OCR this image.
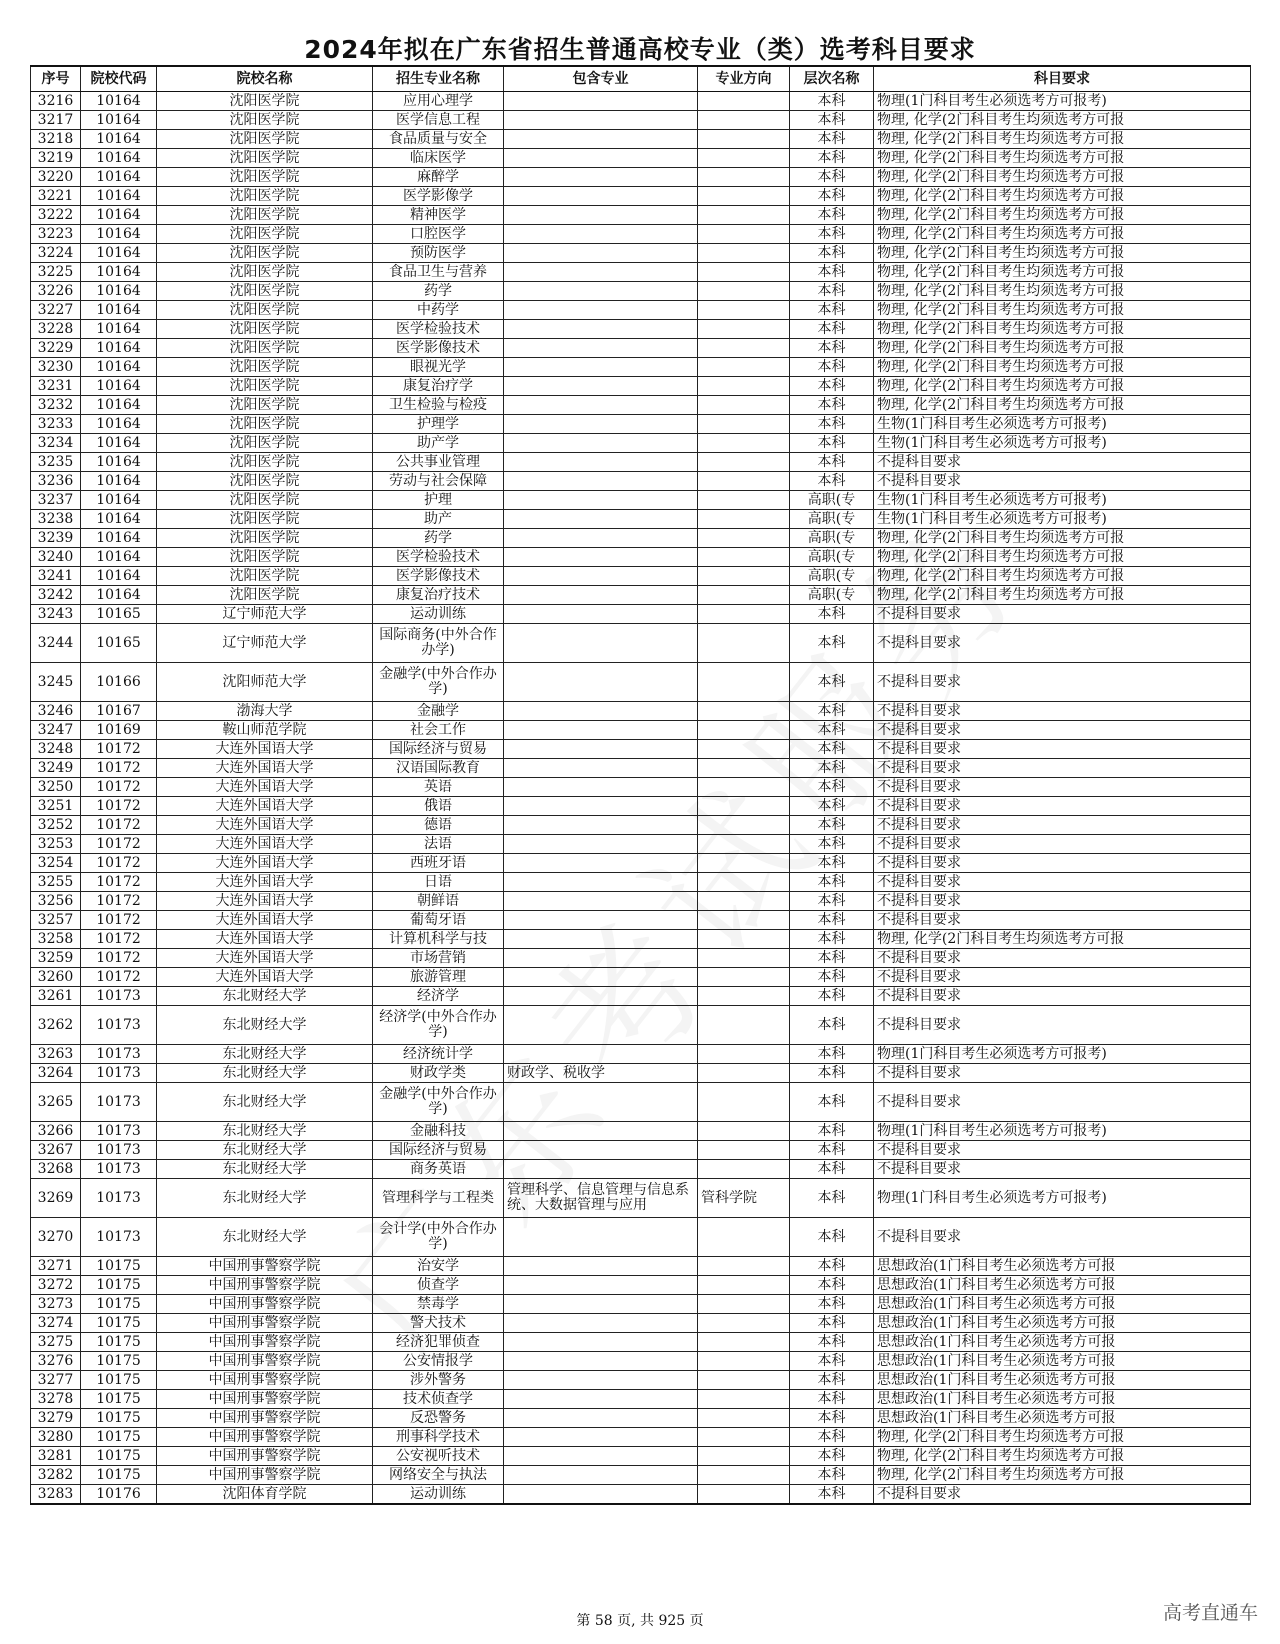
2024年拟在广东省招生普通高校专业（类）选考科目要求
序号	院校代码	院校名称	招生专业名称	包含专业	专业方向	层次名称	科目要求
3216	10164	沈阳医学院	应用心理学			本科	物理(1门科目考生必须选考方可报考)
3217	10164	沈阳医学院	医学信息工程			本科	物理, 化学(2门科目考生均须选考方可报
3218	10164	沈阳医学院	食品质量与安全			本科	物理, 化学(2门科目考生均须选考方可报
3219	10164	沈阳医学院	临床医学			本科	物理, 化学(2门科目考生均须选考方可报
3220	10164	沈阳医学院	麻醉学			本科	物理, 化学(2门科目考生均须选考方可报
3221	10164	沈阳医学院	医学影像学			本科	物理, 化学(2门科目考生均须选考方可报
3222	10164	沈阳医学院	精神医学			本科	物理, 化学(2门科目考生均须选考方可报
3223	10164	沈阳医学院	口腔医学			本科	物理, 化学(2门科目考生均须选考方可报
3224	10164	沈阳医学院	预防医学			本科	物理, 化学(2门科目考生均须选考方可报
3225	10164	沈阳医学院	食品卫生与营养			本科	物理, 化学(2门科目考生均须选考方可报
3226	10164	沈阳医学院	药学			本科	物理, 化学(2门科目考生均须选考方可报
3227	10164	沈阳医学院	中药学			本科	物理, 化学(2门科目考生均须选考方可报
3228	10164	沈阳医学院	医学检验技术			本科	物理, 化学(2门科目考生均须选考方可报
3229	10164	沈阳医学院	医学影像技术			本科	物理, 化学(2门科目考生均须选考方可报
3230	10164	沈阳医学院	眼视光学			本科	物理, 化学(2门科目考生均须选考方可报
3231	10164	沈阳医学院	康复治疗学			本科	物理, 化学(2门科目考生均须选考方可报
3232	10164	沈阳医学院	卫生检验与检疫			本科	物理, 化学(2门科目考生均须选考方可报
3233	10164	沈阳医学院	护理学			本科	生物(1门科目考生必须选考方可报考)
3234	10164	沈阳医学院	助产学			本科	生物(1门科目考生必须选考方可报考)
3235	10164	沈阳医学院	公共事业管理			本科	不提科目要求
3236	10164	沈阳医学院	劳动与社会保障			本科	不提科目要求
3237	10164	沈阳医学院	护理			高职(专	生物(1门科目考生必须选考方可报考)
3238	10164	沈阳医学院	助产			高职(专	生物(1门科目考生必须选考方可报考)
3239	10164	沈阳医学院	药学			高职(专	物理, 化学(2门科目考生均须选考方可报
3240	10164	沈阳医学院	医学检验技术			高职(专	物理, 化学(2门科目考生均须选考方可报
3241	10164	沈阳医学院	医学影像技术			高职(专	物理, 化学(2门科目考生均须选考方可报
3242	10164	沈阳医学院	康复治疗技术			高职(专	物理, 化学(2门科目考生均须选考方可报
3243	10165	辽宁师范大学	运动训练			本科	不提科目要求
3244	10165	辽宁师范大学	国际商务(中外合作办学)			本科	不提科目要求
3245	10166	沈阳师范大学	金融学(中外合作办学)			本科	不提科目要求
3246	10167	渤海大学	金融学			本科	不提科目要求
3247	10169	鞍山师范学院	社会工作			本科	不提科目要求
3248	10172	大连外国语大学	国际经济与贸易			本科	不提科目要求
3249	10172	大连外国语大学	汉语国际教育			本科	不提科目要求
3250	10172	大连外国语大学	英语			本科	不提科目要求
3251	10172	大连外国语大学	俄语			本科	不提科目要求
3252	10172	大连外国语大学	德语			本科	不提科目要求
3253	10172	大连外国语大学	法语			本科	不提科目要求
3254	10172	大连外国语大学	西班牙语			本科	不提科目要求
3255	10172	大连外国语大学	日语			本科	不提科目要求
3256	10172	大连外国语大学	朝鲜语			本科	不提科目要求
3257	10172	大连外国语大学	葡萄牙语			本科	不提科目要求
3258	10172	大连外国语大学	计算机科学与技			本科	物理, 化学(2门科目考生均须选考方可报
3259	10172	大连外国语大学	市场营销			本科	不提科目要求
3260	10172	大连外国语大学	旅游管理			本科	不提科目要求
3261	10173	东北财经大学	经济学			本科	不提科目要求
3262	10173	东北财经大学	经济学(中外合作办学)			本科	不提科目要求
3263	10173	东北财经大学	经济统计学			本科	物理(1门科目考生必须选考方可报考)
3264	10173	东北财经大学	财政学类	财政学、税收学		本科	不提科目要求
3265	10173	东北财经大学	金融学(中外合作办学)			本科	不提科目要求
3266	10173	东北财经大学	金融科技			本科	物理(1门科目考生必须选考方可报考)
3267	10173	东北财经大学	国际经济与贸易			本科	不提科目要求
3268	10173	东北财经大学	商务英语			本科	不提科目要求
3269	10173	东北财经大学	管理科学与工程类	管理科学、信息管理与信息系统、大数据管理与应用	管科学院	本科	物理(1门科目考生必须选考方可报考)
3270	10173	东北财经大学	会计学(中外合作办学)			本科	不提科目要求
3271	10175	中国刑事警察学院	治安学			本科	思想政治(1门科目考生必须选考方可报
3272	10175	中国刑事警察学院	侦查学			本科	思想政治(1门科目考生必须选考方可报
3273	10175	中国刑事警察学院	禁毒学			本科	思想政治(1门科目考生必须选考方可报
3274	10175	中国刑事警察学院	警犬技术			本科	思想政治(1门科目考生必须选考方可报
3275	10175	中国刑事警察学院	经济犯罪侦查			本科	思想政治(1门科目考生必须选考方可报
3276	10175	中国刑事警察学院	公安情报学			本科	思想政治(1门科目考生必须选考方可报
3277	10175	中国刑事警察学院	涉外警务			本科	思想政治(1门科目考生必须选考方可报
3278	10175	中国刑事警察学院	技术侦查学			本科	思想政治(1门科目考生必须选考方可报
3279	10175	中国刑事警察学院	反恐警务			本科	思想政治(1门科目考生必须选考方可报
3280	10175	中国刑事警察学院	刑事科学技术			本科	物理, 化学(2门科目考生均须选考方可报
3281	10175	中国刑事警察学院	公安视听技术			本科	物理, 化学(2门科目考生均须选考方可报
3282	10175	中国刑事警察学院	网络安全与执法			本科	物理, 化学(2门科目考生均须选考方可报
3283	10176	沈阳体育学院	运动训练			本科	不提科目要求
第 58 页, 共 925 页	高考直通车
